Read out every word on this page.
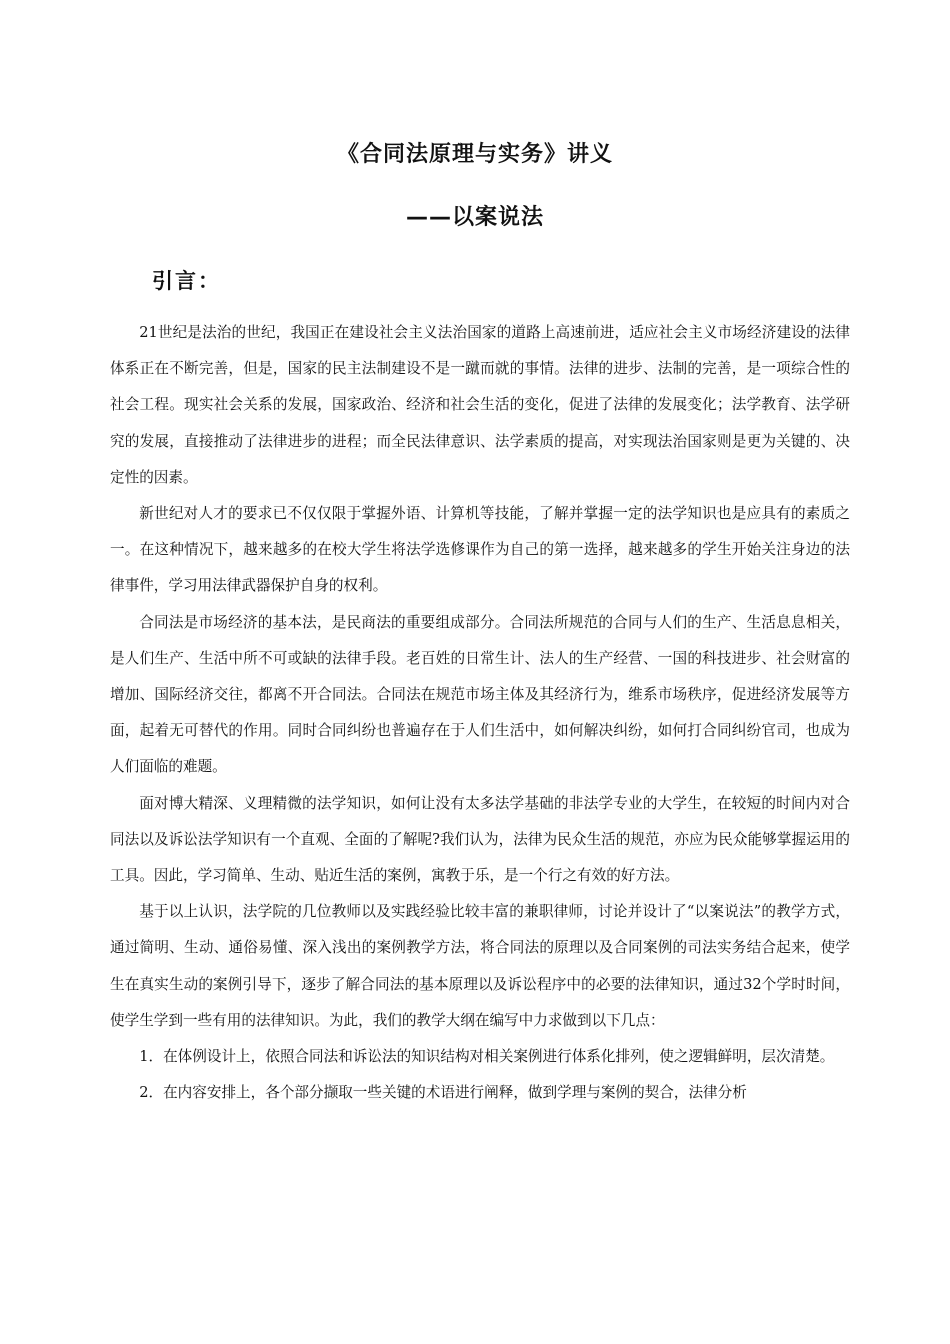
《合同法原理与实务》讲义
——以案说法
引言：

21世纪是法治的世纪，我国正在建设社会主义法治国家的道路上高速前进，适应社会主义市场经济建设的法律体系正在不断完善，但是，国家的民主法制建设不是一蹴而就的事情。法律的进步、法制的完善，是一项综合性的社会工程。现实社会关系的发展，国家政治、经济和社会生活的变化，促进了法律的发展变化；法学教育、法学研究的发展，直接推动了法律进步的进程；而全民法律意识、法学素质的提高，对实现法治国家则是更为关键的、决定性的因素。

新世纪对人才的要求已不仅仅限于掌握外语、计算机等技能，了解并掌握一定的法学知识也是应具有的素质之一。在这种情况下，越来越多的在校大学生将法学选修课作为自己的第一选择，越来越多的学生开始关注身边的法律事件，学习用法律武器保护自身的权利。

合同法是市场经济的基本法，是民商法的重要组成部分。合同法所规范的合同与人们的生产、生活息息相关，是人们生产、生活中所不可或缺的法律手段。老百姓的日常生计、法人的生产经营、一国的科技进步、社会财富的增加、国际经济交往，都离不开合同法。合同法在规范市场主体及其经济行为，维系市场秩序，促进经济发展等方面，起着无可替代的作用。同时合同纠纷也普遍存在于人们生活中，如何解决纠纷，如何打合同纠纷官司，也成为人们面临的难题。

面对博大精深、义理精微的法学知识，如何让没有太多法学基础的非法学专业的大学生，在较短的时间内对合同法以及诉讼法学知识有一个直观、全面的了解呢?我们认为，法律为民众生活的规范，亦应为民众能够掌握运用的工具。因此，学习简单、生动、贴近生活的案例，寓教于乐，是一个行之有效的好方法。

基于以上认识，法学院的几位教师以及实践经验比较丰富的兼职律师，讨论并设计了“以案说法”的教学方式，通过简明、生动、通俗易懂、深入浅出的案例教学方法，将合同法的原理以及合同案例的司法实务结合起来，使学生在真实生动的案例引导下，逐步了解合同法的基本原理以及诉讼程序中的必要的法律知识，通过32个学时时间，使学生学到一些有用的法律知识。为此，我们的教学大纲在编写中力求做到以下几点：

1．在体例设计上，依照合同法和诉讼法的知识结构对相关案例进行体系化排列，使之逻辑鲜明，层次清楚。

2．在内容安排上，各个部分撷取一些关键的术语进行阐释，做到学理与案例的契合，法律分析
